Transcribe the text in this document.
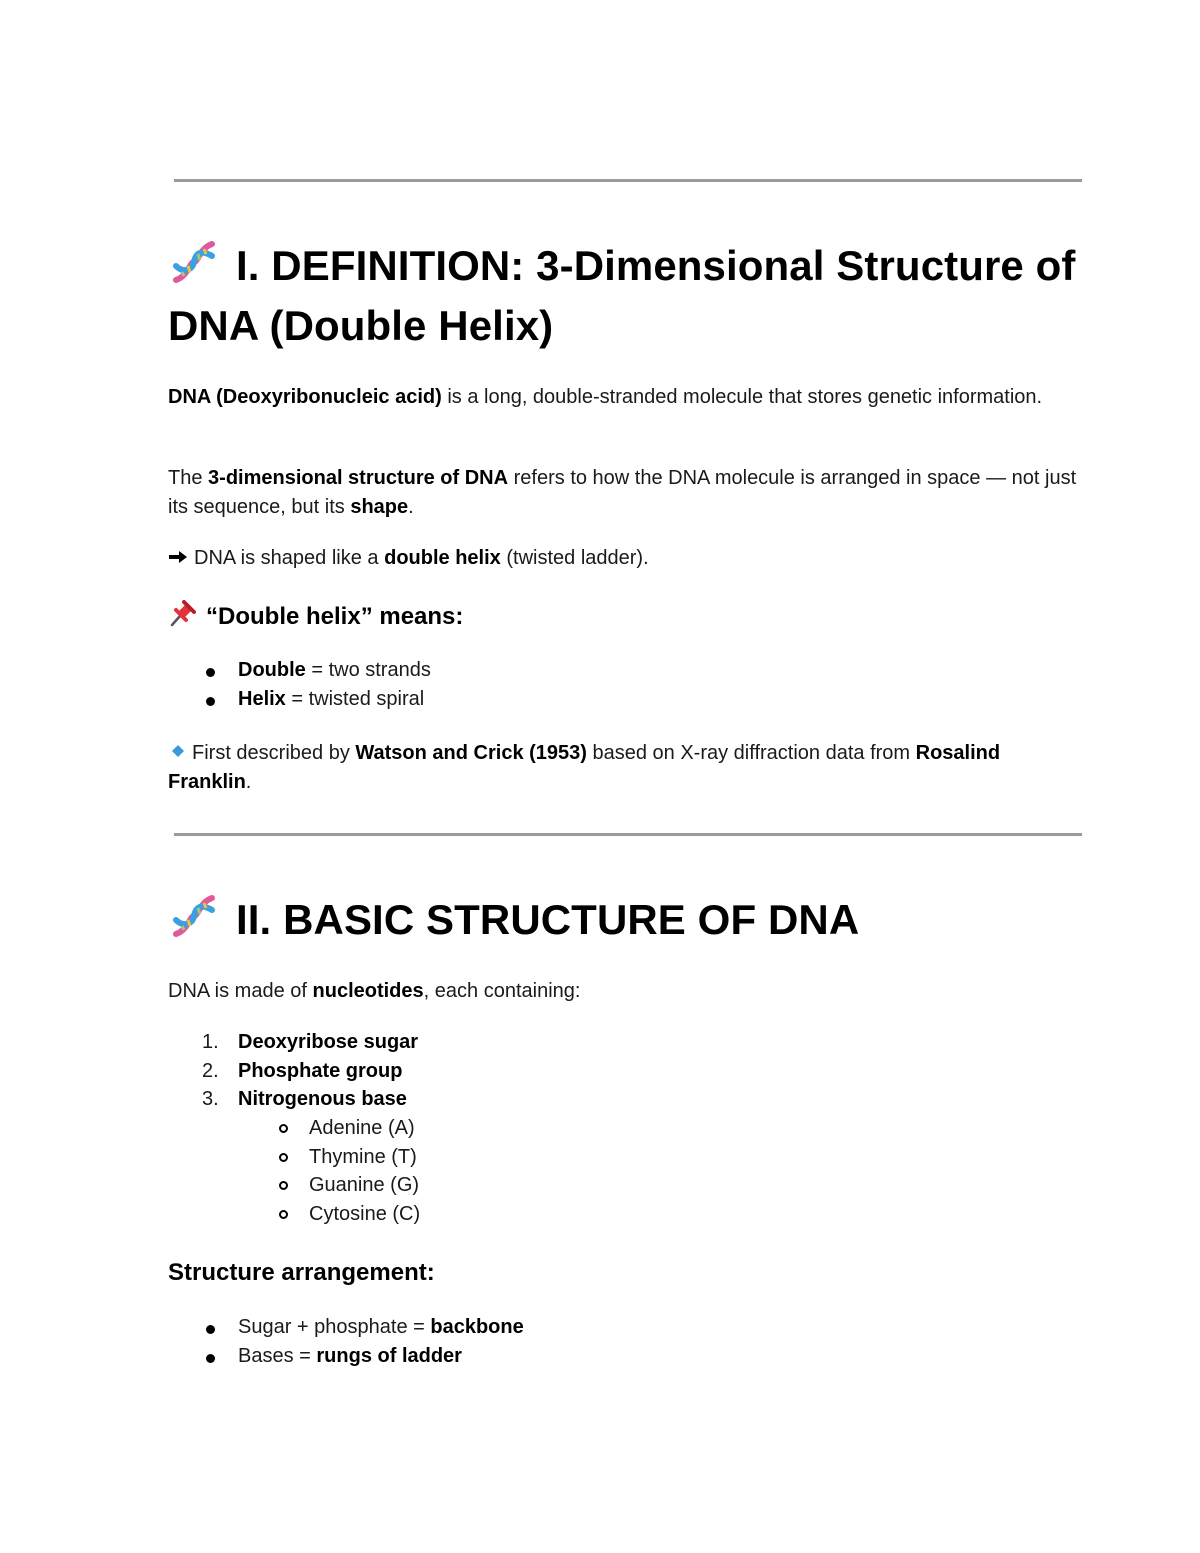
I. DEFINITION: 3-Dimensional Structure of DNA (Double Helix)

DNA (Deoxyribonucleic acid) is a long, double-stranded molecule that stores genetic information.

The 3-dimensional structure of DNA refers to how the DNA molecule is arranged in space — not just its sequence, but its shape.

DNA is shaped like a double helix (twisted ladder).

“Double helix” means:
Double = two strands
Helix = twisted spiral

First described by Watson and Crick (1953) based on X-ray diffraction data from Rosalind Franklin.

II. BASIC STRUCTURE OF DNA

DNA is made of nucleotides, each containing:

1. Deoxyribose sugar
2. Phosphate group
3. Nitrogenous base
Adenine (A)
Thymine (T)
Guanine (G)
Cytosine (C)
Structure arrangement:
Sugar + phosphate = backbone
Bases = rungs of ladder
